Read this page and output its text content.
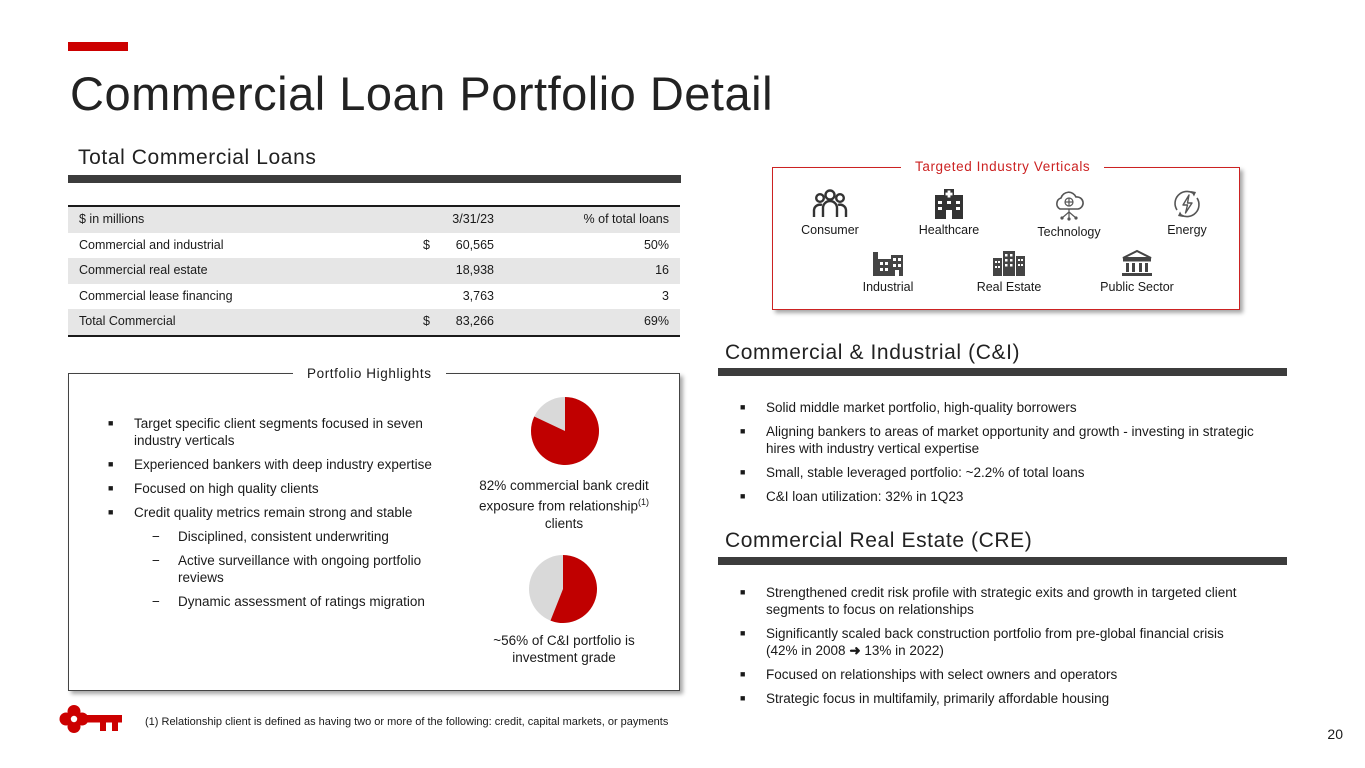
Commercial Loan Portfolio Detail
Total Commercial Loans
$ in millions	3/31/23	% of total loans
Commercial and industrial	$ 60,565	50%
Commercial real estate	18,938	16
Commercial lease financing	3,763	3
Total Commercial	$ 83,266	69%
Targeted Industry Verticals
Consumer	Healthcare	Technology	Energy
Industrial	Real Estate	Public Sector
Portfolio Highlights
■ Target specific client segments focused in seven industry verticals
■ Experienced bankers with deep industry expertise
■ Focused on high quality clients
■ Credit quality metrics remain strong and stable
− Disciplined, consistent underwriting
− Active surveillance with ongoing portfolio reviews
− Dynamic assessment of ratings migration
82% commercial bank credit exposure from relationship$^{(1)}$ clients
~56% of C&I portfolio is investment grade
Commercial & Industrial (C&I)
■ Solid middle market portfolio, high-quality borrowers
■ Aligning bankers to areas of market opportunity and growth - investing in strategic hires with industry vertical expertise
■ Small, stable leveraged portfolio: ~2.2% of total loans
■ C&I loan utilization: 32% in 1Q23
Commercial Real Estate (CRE)
■ Strengthened credit risk profile with strategic exits and growth in targeted client segments to focus on relationships
■ Significantly scaled back construction portfolio from pre-global financial crisis
(42% in 2008 ➜ 13% in 2022)
■ Focused on relationships with select owners and operators
■ Strategic focus in multifamily, primarily affordable housing
(1) Relationship client is defined as having two or more of the following: credit, capital markets, or payments
20
